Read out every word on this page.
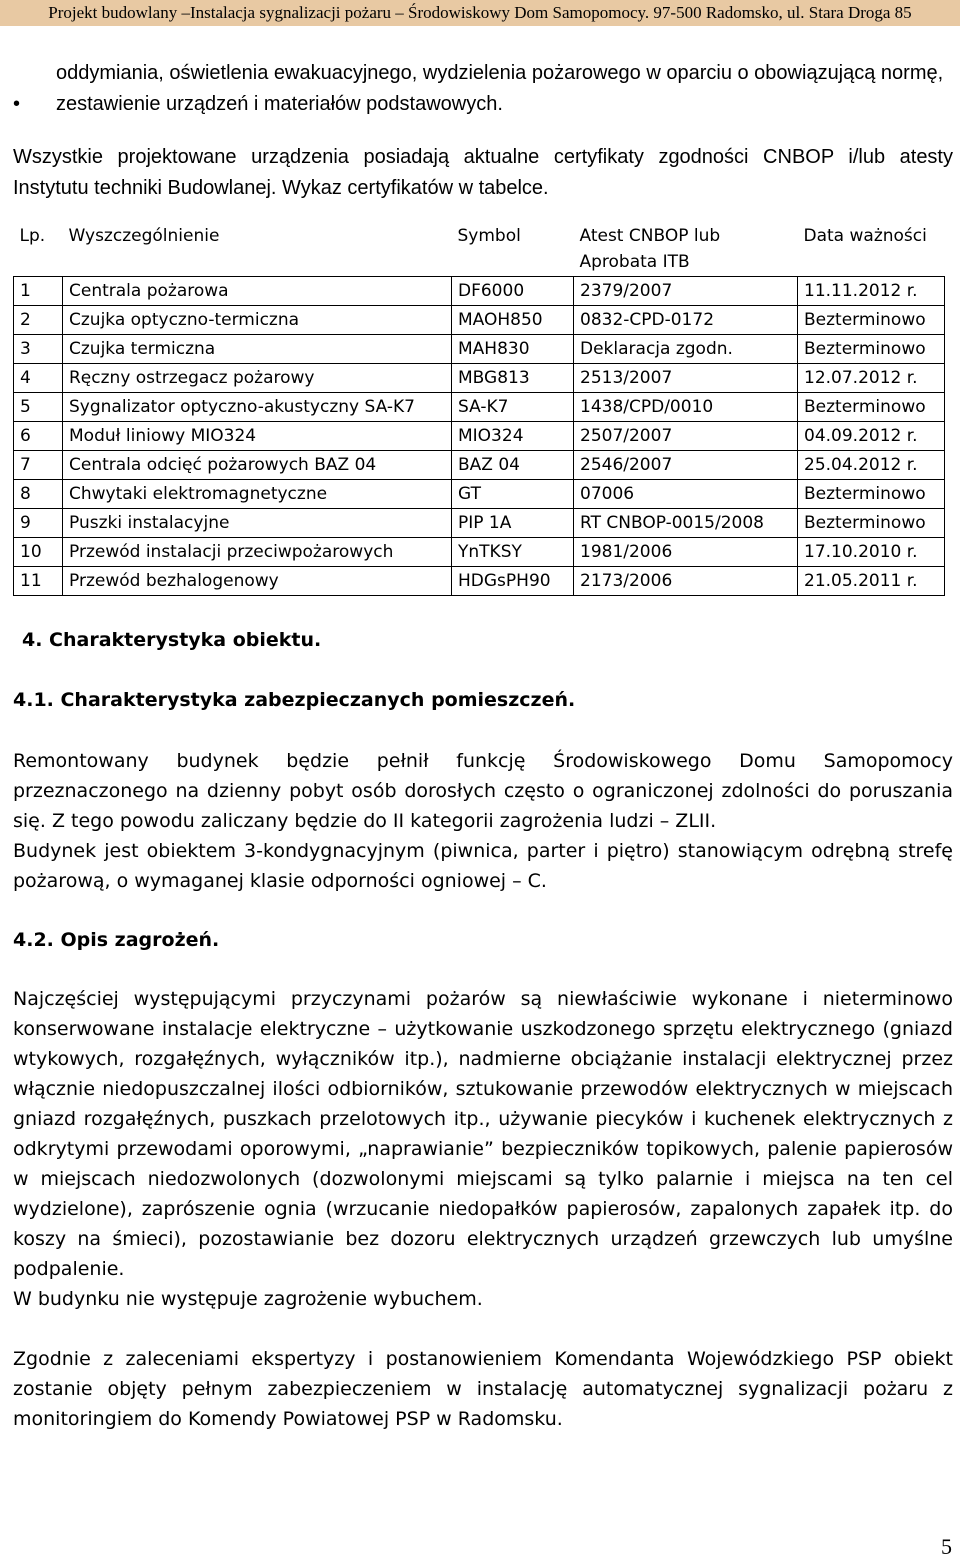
Projekt budowlany –Instalacja sygnalizacji pożaru – Środowiskowy Dom Samopomocy. 97-500 Radomsko, ul. Stara Droga 85
oddymiania, oświetlenia ewakuacyjnego, wydzielenia pożarowego w oparciu o obowiązującą normę,
• zestawienie urządzeń i materiałów podstawowych.

Wszystkie projektowane urządzenia posiadają aktualne certyfikaty zgodności CNBOP i/lub atesty Instytutu techniki Budowlanej. Wykaz certyfikatów w tabelce.

Lp.	Wyszczególnienie	Symbol	Atest CNBOP lub Aprobata ITB	Data ważności
1	Centrala pożarowa	DF6000	2379/2007	11.11.2012 r.
2	Czujka optyczno-termiczna	MAOH850	0832-CPD-0172	Bezterminowo
3	Czujka termiczna	MAH830	Deklaracja zgodn.	Bezterminowo
4	Ręczny ostrzegacz pożarowy	MBG813	2513/2007	12.07.2012 r.
5	Sygnalizator optyczno-akustyczny SA-K7	SA-K7	1438/CPD/0010	Bezterminowo
6	Moduł liniowy MIO324	MIO324	2507/2007	04.09.2012 r.
7	Centrala odcięć pożarowych BAZ 04	BAZ 04	2546/2007	25.04.2012 r.
8	Chwytaki elektromagnetyczne	GT	07006	Bezterminowo
9	Puszki instalacyjne	PIP 1A	RT CNBOP-0015/2008	Bezterminowo
10	Przewód instalacji przeciwpożarowych	YnTKSY	1981/2006	17.10.2010 r.
11	Przewód bezhalogenowy	HDGsPH90	2173/2006	21.05.2011 r.

4. Charakterystyka obiektu.

4.1. Charakterystyka zabezpieczanych pomieszczeń.

Remontowany budynek będzie pełnił funkcję Środowiskowego Domu Samopomocy przeznaczonego na dzienny pobyt osób dorosłych często o ograniczonej zdolności do poruszania się. Z tego powodu zaliczany będzie do II kategorii zagrożenia ludzi – ZLII.

Budynek jest obiektem 3-kondygnacyjnym (piwnica, parter i piętro) stanowiącym odrębną strefę pożarową, o wymaganej klasie odporności ogniowej – C.

4.2. Opis zagrożeń.

Najczęściej występującymi przyczynami pożarów są niewłaściwie wykonane i nieterminowo konserwowane instalacje elektryczne – użytkowanie uszkodzonego sprzętu elektrycznego (gniazd wtykowych, rozgałęźnych, wyłączników itp.), nadmierne obciążanie instalacji elektrycznej przez włącznie niedopuszczalnej ilości odbiorników, sztukowanie przewodów elektrycznych w miejscach gniazd rozgałęźnych, puszkach przelotowych itp., używanie piecyków i kuchenek elektrycznych z odkrytymi przewodami oporowymi, „naprawianie” bezpieczników topikowych, palenie papierosów w miejscach niedozwolonych (dozwolonymi miejscami są tylko palarnie i miejsca na ten cel wydzielone), zaprószenie ognia (wrzucanie niedopałków papierosów, zapalonych zapałek itp. do koszy na śmieci), pozostawianie bez dozoru elektrycznych urządzeń grzewczych lub umyślne podpalenie.

W budynku nie występuje zagrożenie wybuchem.

Zgodnie z zaleceniami ekspertyzy i postanowieniem Komendanta Wojewódzkiego PSP obiekt zostanie objęty pełnym zabezpieczeniem w instalację automatycznej sygnalizacji pożaru z monitoringiem do Komendy Powiatowej PSP w Radomsku.

5
